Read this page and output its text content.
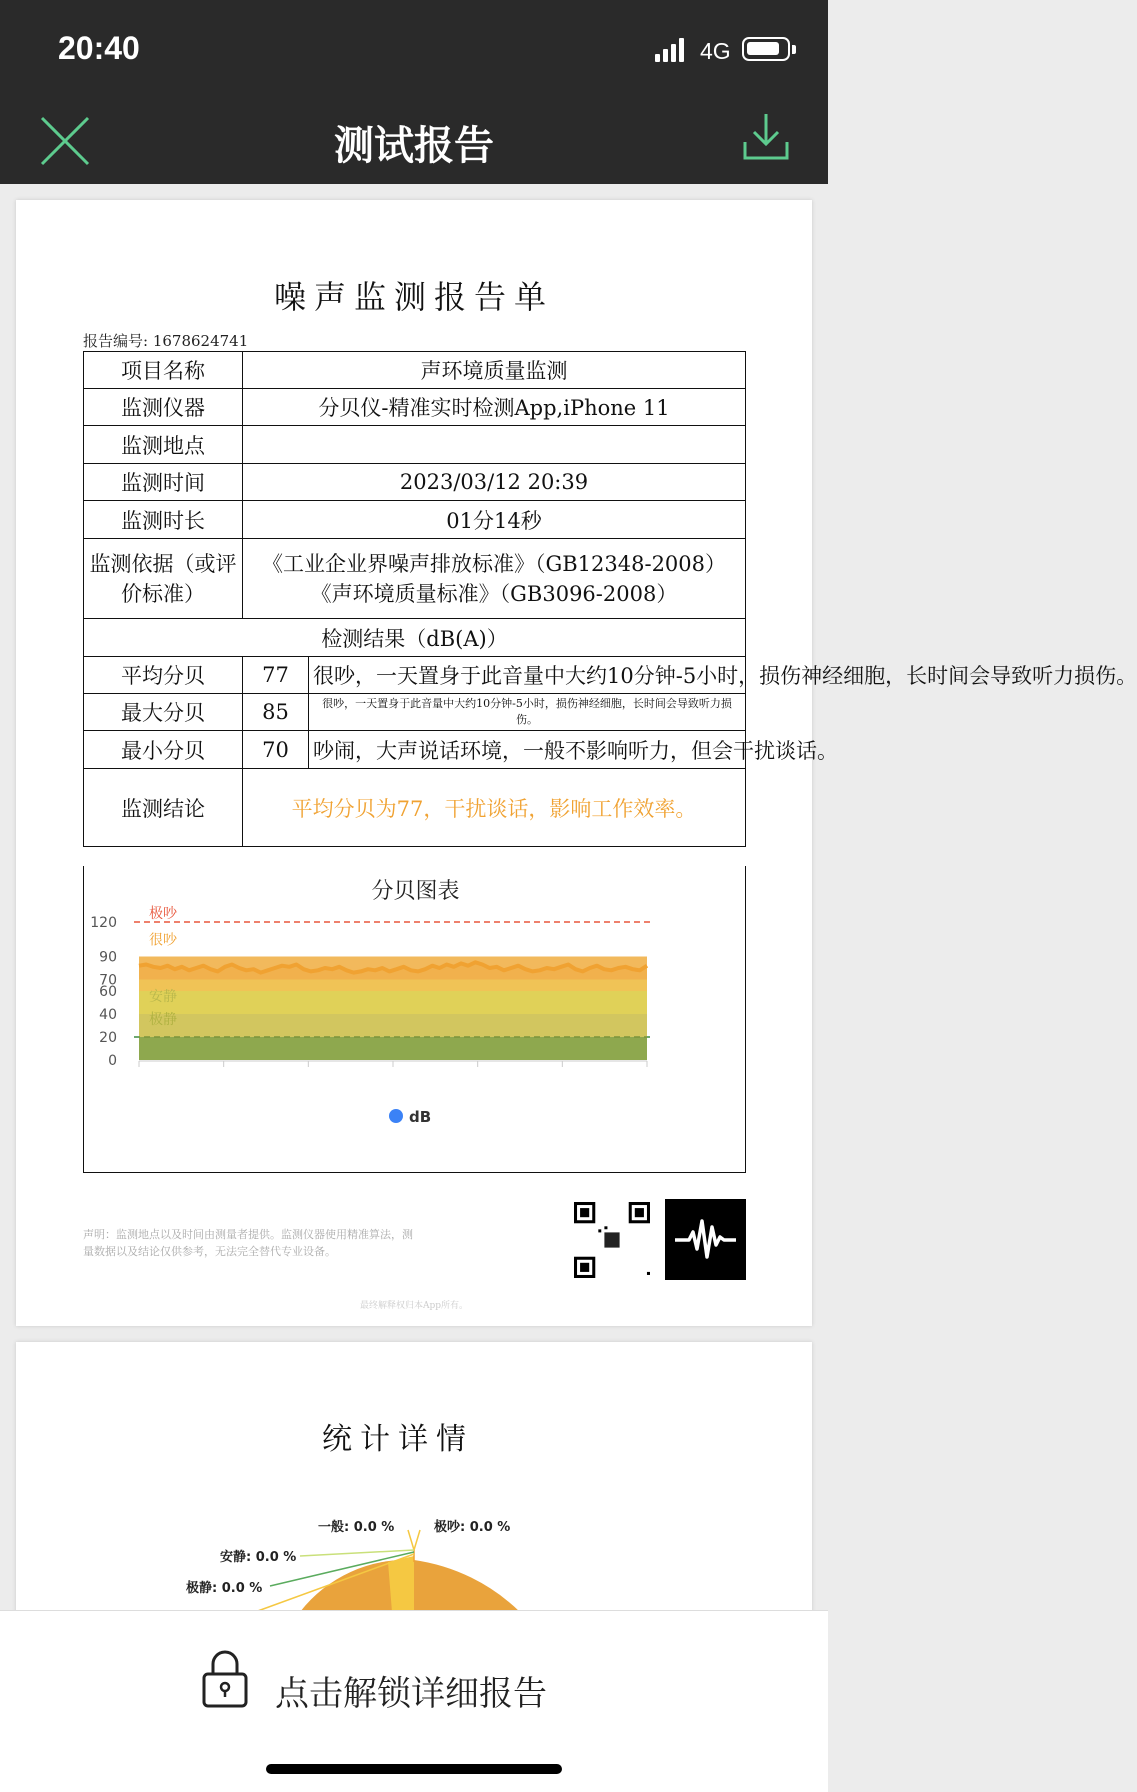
20:40	4G
测试报告
噪声监测报告单
报告编号: 1678624741
项目名称	声环境质量监测	
监测仪器	分贝仪-精准实时检测App,iPhone 11	
监测地点		
监测时间	2023/03/12 20:39	
监测时长	01分14秒	
监测依据（或评价标准）	《工业企业界噪声排放标准》（GB12348-2008）
《声环境质量标准》（GB3096-2008）	

检测结果（dB(A)）		
平均分贝	77	很吵，一天置身于此音量中大约10分钟-5小时，损伤神经细胞，长时间会导致听力损伤。
最大分贝	85	很吵，一天置身于此音量中大约10分钟-5小时，损伤神经细胞，长时间会导致听力损伤。
最小分贝	70	吵闹，大声说话环境，一般不影响听力，但会干扰谈话。
监测结论	平均分贝为77，干扰谈话，影响工作效率。	
分贝图表
极吵
很吵
0
20
40
60
70
90
120
dB
声明：监测地点以及时间由测量者提供。监测仪器使用精准算法，测量数据以及结论仅供参考，无法完全替代专业设备。
最终解释权归本App所有。
统计详情
一般: 0.0 %	极吵: 0.0 %
安静: 0.0 %
极静: 0.0 %
点击解锁详细报告
